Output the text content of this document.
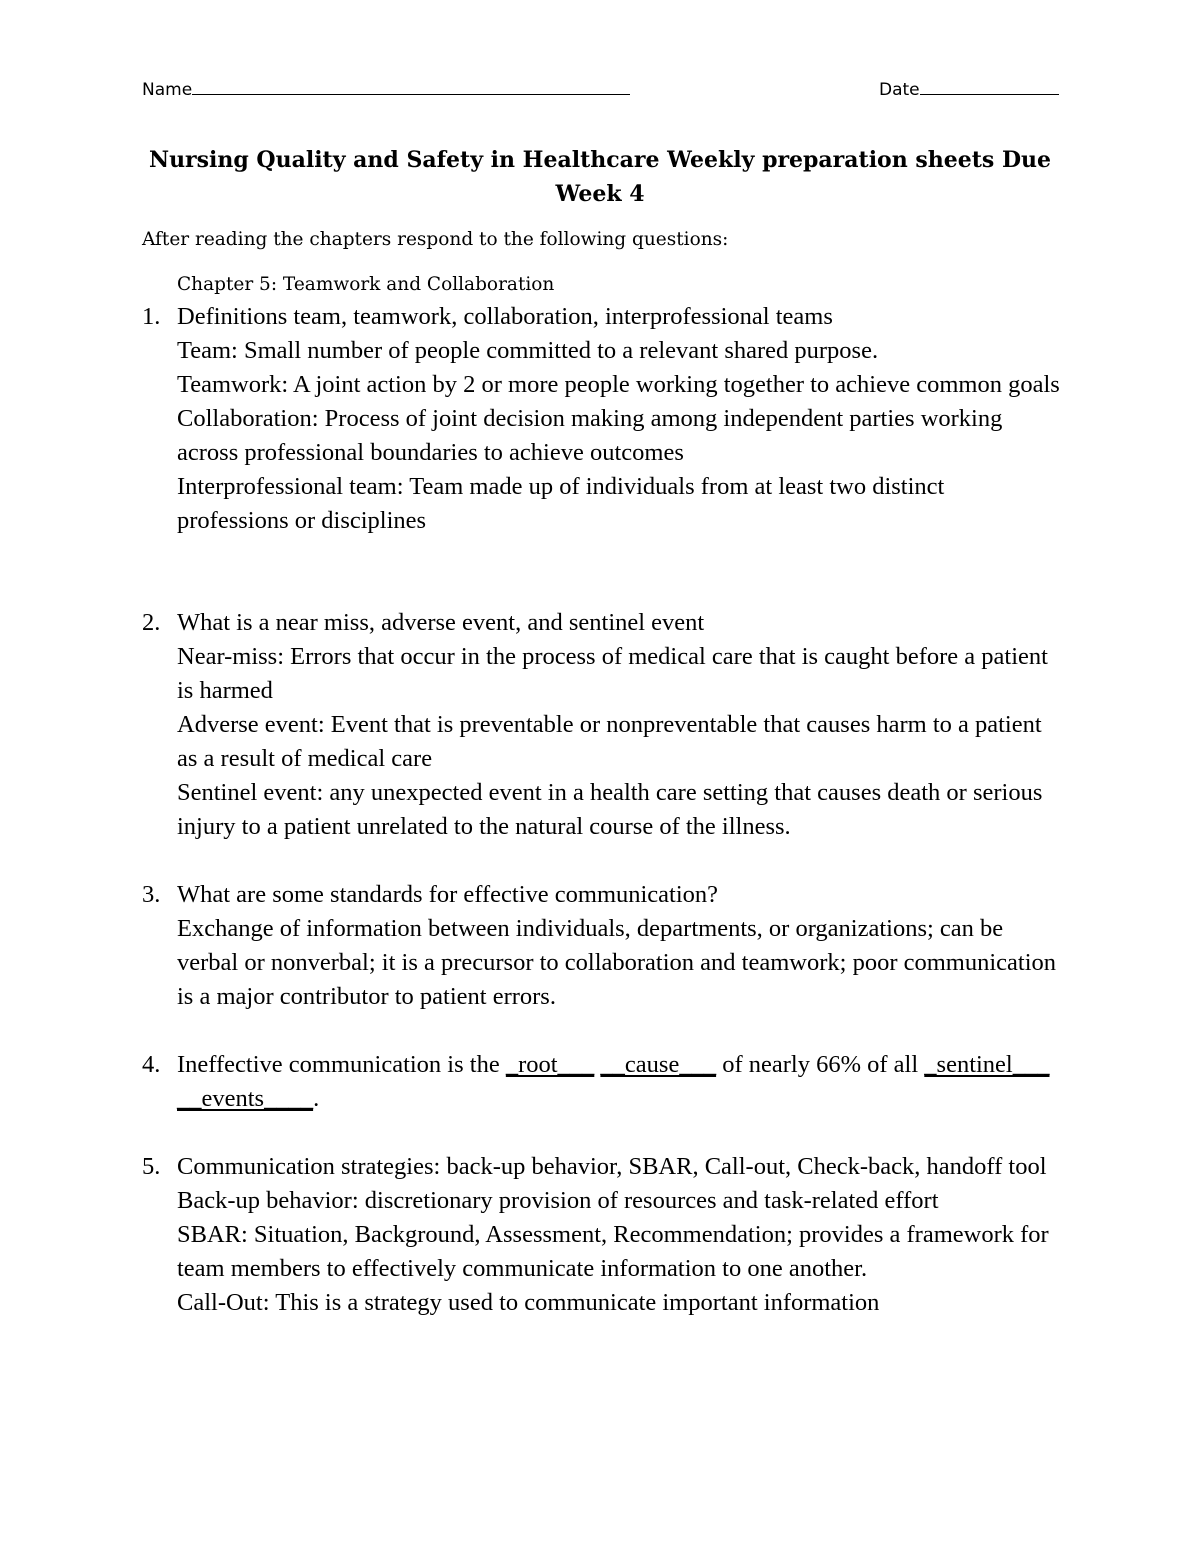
Name	Date
Nursing Quality and Safety in Healthcare Weekly preparation sheets Due
Week 4
After reading the chapters respond to the following questions:
Chapter 5: Teamwork and Collaboration
1. Definitions team, teamwork, collaboration, interprofessional teams

Team: Small number of people committed to a relevant shared purpose.

Teamwork: A joint action by 2 or more people working together to achieve common goals

Collaboration: Process of joint decision making among independent parties working across professional boundaries to achieve outcomes

Interprofessional team: Team made up of individuals from at least two distinct professions or disciplines

2. What is a near miss, adverse event, and sentinel event

Near-miss: Errors that occur in the process of medical care that is caught before a patient is harmed

Adverse event: Event that is preventable or nonpreventable that causes harm to a patient as a result of medical care

Sentinel event: any unexpected event in a health care setting that causes death or serious injury to a patient unrelated to the natural course of the illness.

3. What are some standards for effective communication?

Exchange of information between individuals, departments, or organizations; can be verbal or nonverbal; it is a precursor to collaboration and teamwork; poor communication is a major contributor to patient errors.

4. Ineffective communication is the _root___ __cause___ of nearly 66% of all _sentinel___ __events____.

5. Communication strategies: back-up behavior, SBAR, Call-out, Check-back, handoff tool

Back-up behavior: discretionary provision of resources and task-related effort

SBAR: Situation, Background, Assessment, Recommendation; provides a framework for team members to effectively communicate information to one another.

Call-Out: This is a strategy used to communicate important information
